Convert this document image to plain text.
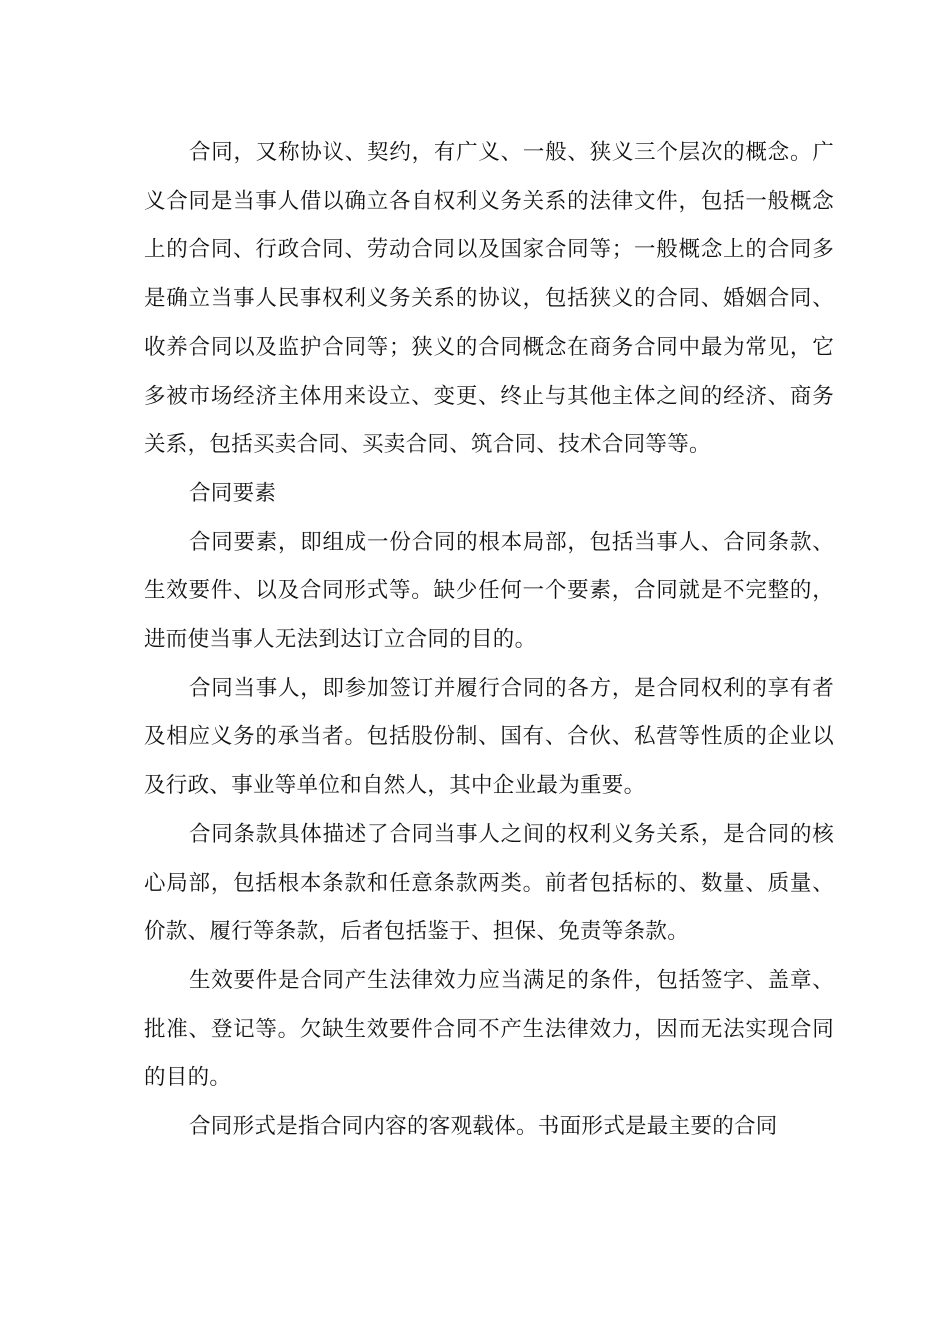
合同，又称协议、契约，有广义、一般、狭义三个层次的概念。广义合同是当事人借以确立各自权利义务关系的法律文件，包括一般概念上的合同、行政合同、劳动合同以及国家合同等；一般概念上的合同多是确立当事人民事权利义务关系的协议，包括狭义的合同、婚姻合同、收养合同以及监护合同等；狭义的合同概念在商务合同中最为常见，它多被市场经济主体用来设立、变更、终止与其他主体之间的经济、商务关系，包括买卖合同、买卖合同、筑合同、技术合同等等。

合同要素

合同要素，即组成一份合同的根本局部，包括当事人、合同条款、生效要件、以及合同形式等。缺少任何一个要素，合同就是不完整的，进而使当事人无法到达订立合同的目的。

合同当事人，即参加签订并履行合同的各方，是合同权利的享有者及相应义务的承当者。包括股份制、国有、合伙、私营等性质的企业以及行政、事业等单位和自然人，其中企业最为重要。

合同条款具体描述了合同当事人之间的权利义务关系，是合同的核心局部，包括根本条款和任意条款两类。前者包括标的、数量、质量、价款、履行等条款，后者包括鉴于、担保、免责等条款。

生效要件是合同产生法律效力应当满足的条件，包括签字、盖章、批准、登记等。欠缺生效要件合同不产生法律效力，因而无法实现合同的目的。

合同形式是指合同内容的客观载体。书面形式是最主要的合同
